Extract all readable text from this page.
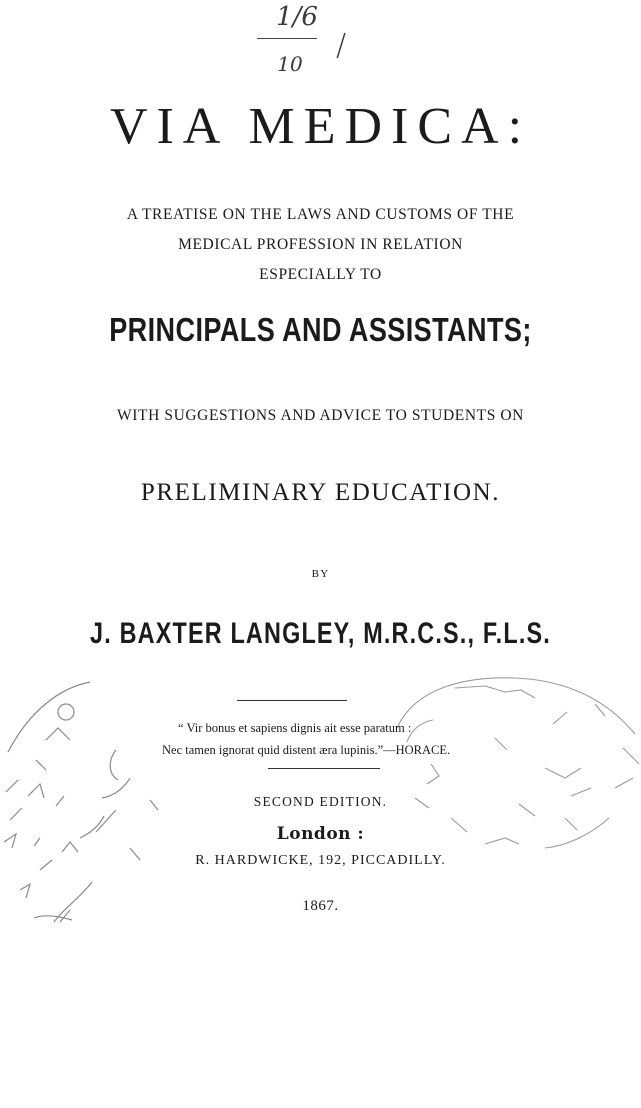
1/6
10
/
VIA MEDICA:
A TREATISE ON THE LAWS AND CUSTOMS OF THE
MEDICAL PROFESSION IN RELATION
ESPECIALLY TO
PRINCIPALS AND ASSISTANTS;
WITH SUGGESTIONS AND ADVICE TO STUDENTS ON
PRELIMINARY EDUCATION.
BY
J. BAXTER LANGLEY, M.R.C.S., F.L.S.
“ Vir bonus et sapiens dignis ait esse paratum :
Nec tamen ignorat quid distent æra lupinis.”—HORACE.
SECOND EDITION.
London :
R. HARDWICKE, 192, PICCADILLY.
1867.
